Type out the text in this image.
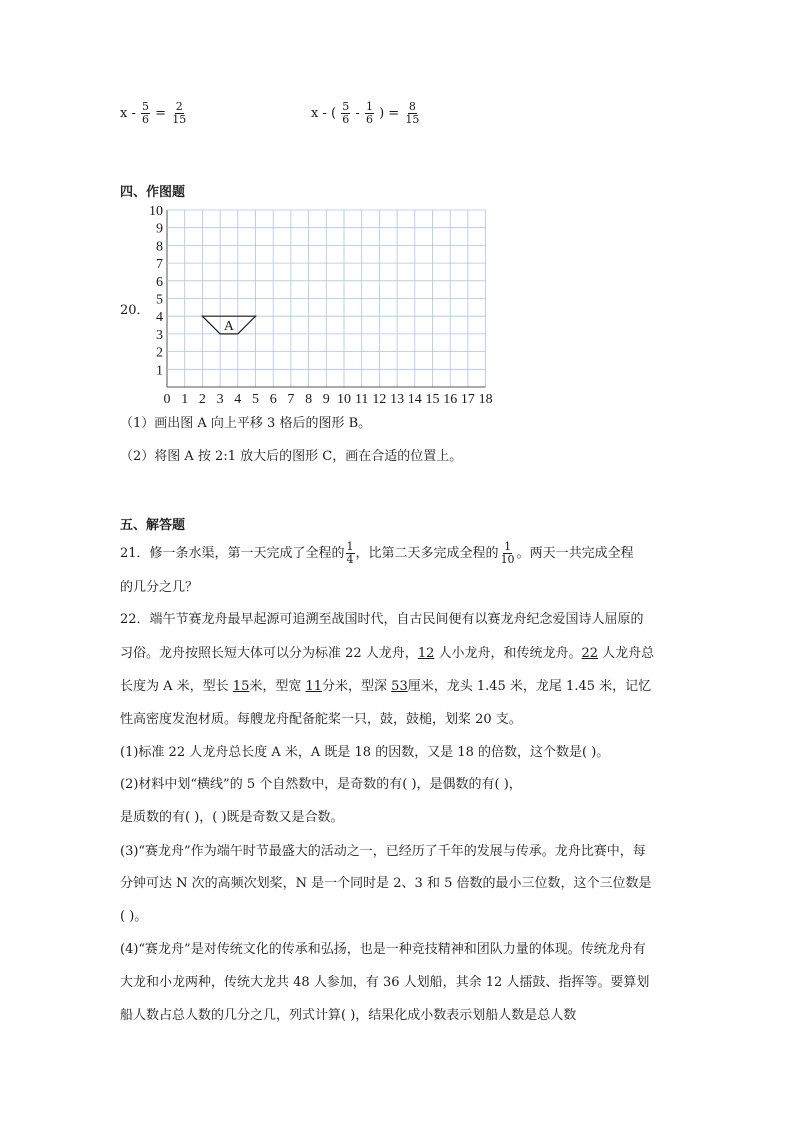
$x - \frac{5}{6} = \frac{2}{15}$	x - ( $\frac{5}{6} - \frac{1}{6}$ ) = $\frac{8}{15}$
四、作图题
20．
0 1 2 3 4 5 6 7 8 9 10 11 12 13 14 15 16 17 18
1
2
3
4
5
6
7
8
9
10
A
（1）画出图 A 向上平移 3 格后的图形 B。
（2）将图 A 按 2:1 放大后的图形 C，画在合适的位置上。
五、解答题
21．修一条水渠，第一天完成了全程的 $\frac{1}{4}$ ，比第二天多完成全程的 $\frac{1}{10}$ 。两天一共完成全程
的几分之几？
22．端午节赛龙舟最早起源可追溯至战国时代，自古民间便有以赛龙舟纪念爱国诗人屈原的
习俗。龙舟按照长短大体可以分为标准 22 人龙舟，12 人小龙舟，和传统龙舟。22 人龙舟总
长度为 A 米，型长 15米，型宽 11分米，型深 53厘米，龙头 1.45 米，龙尾 1.45 米，记忆
性高密度发泡材质。每艘龙舟配备舵桨一只，鼓，鼓槌，划桨 20 支。
(1)标准 22 人龙舟总长度 A 米，A 既是 18 的因数，又是 18 的倍数，这个数是( )。
(2)材料中划“横线”的 5 个自然数中，是奇数的有( )，是偶数的有( )，
是质数的有( )，( )既是奇数又是合数。
(3)“赛龙舟”作为端午时节最盛大的活动之一，已经历了千年的发展与传承。龙舟比赛中，每
分钟可达 N 次的高频次划桨，N 是一个同时是 2、3 和 5 倍数的最小三位数，这个三位数是
( )。
(4)“赛龙舟”是对传统文化的传承和弘扬，也是一种竞技精神和团队力量的体现。传统龙舟有
大龙和小龙两种，传统大龙共 48 人参加，有 36 人划船，其余 12 人擂鼓、指挥等。要算划
船人数占总人数的几分之几，列式计算( )，结果化成小数表示划船人数是总人数
